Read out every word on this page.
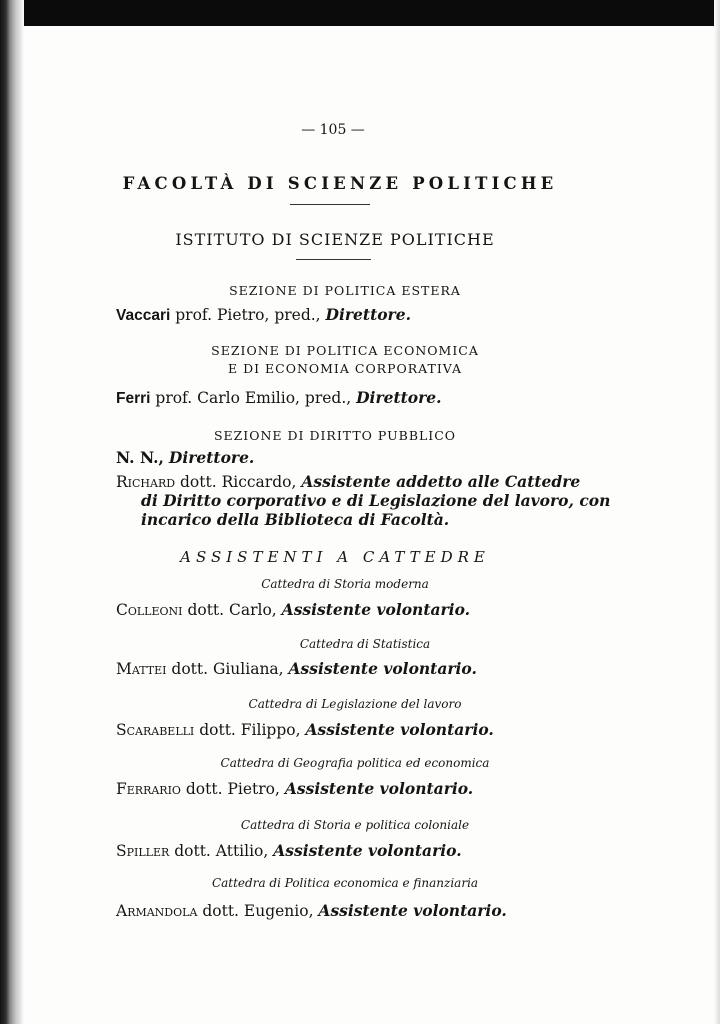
— 105 —
FACOLTÀ DI SCIENZE POLITICHE
ISTITUTO DI SCIENZE POLITICHE
SEZIONE DI POLITICA ESTERA
Vaccari prof. Pietro, pred., Direttore.
SEZIONE DI POLITICA ECONOMICA
E DI ECONOMIA CORPORATIVA
Ferri prof. Carlo Emilio, pred., Direttore.
SEZIONE DI DIRITTO PUBBLICO
N. N., Direttore.
Richard dott. Riccardo, Assistente addetto alle Cattedre
di Diritto corporativo e di Legislazione del lavoro, con
incarico della Biblioteca di Facoltà.
ASSISTENTI A CATTEDRE
Cattedra di Storia moderna
Colleoni dott. Carlo, Assistente volontario.
Cattedra di Statistica
Mattei dott. Giuliana, Assistente volontario.
Cattedra di Legislazione del lavoro
Scarabelli dott. Filippo, Assistente volontario.
Cattedra di Geografia politica ed economica
Ferrario dott. Pietro, Assistente volontario.
Cattedra di Storia e politica coloniale
Spiller dott. Attilio, Assistente volontario.
Cattedra di Politica economica e finanziaria
Armandola dott. Eugenio, Assistente volontario.
